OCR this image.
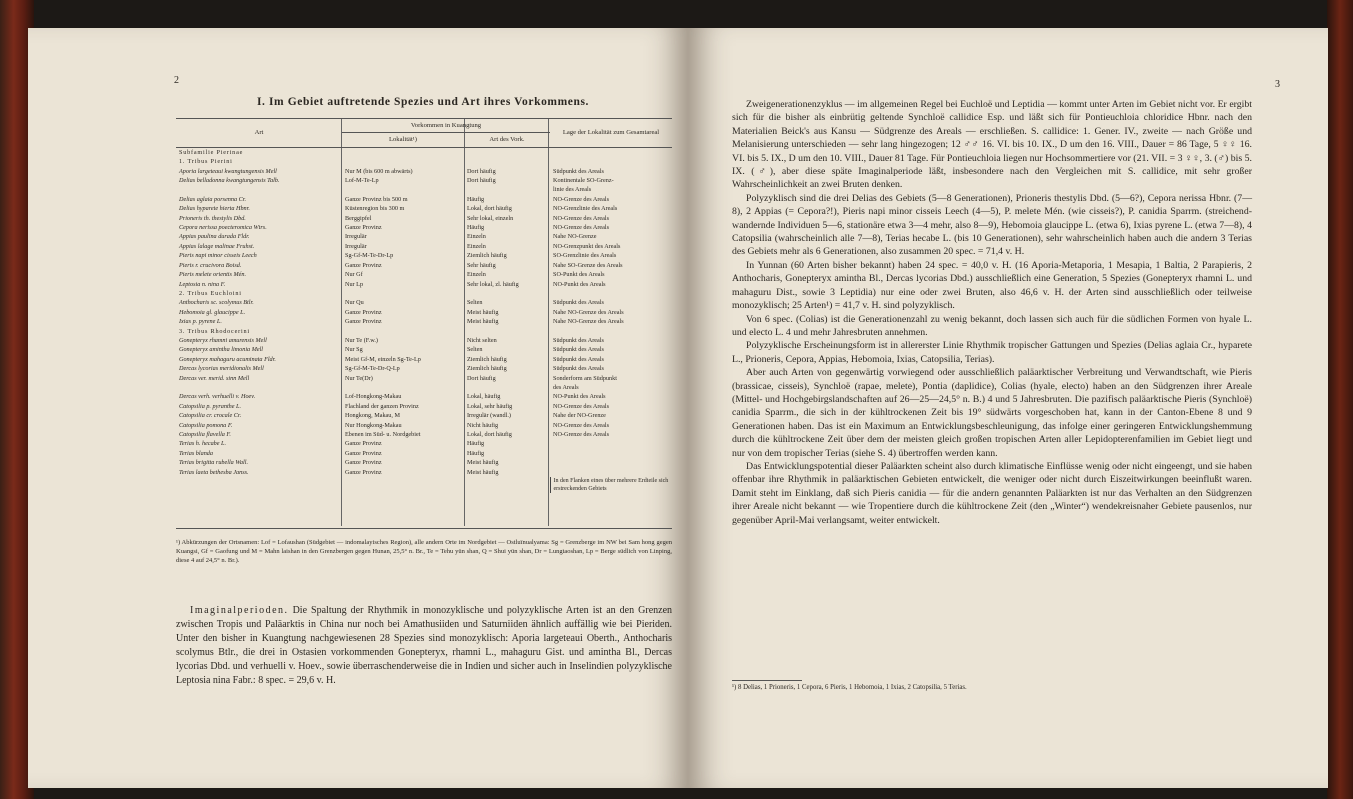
2
I. Im Gebiet auftretende Spezies und Art ihres Vorkommens.
Art	Vorkommen in Kuangtung		Lage der Lokalität zum Gesamtareal
	Lokalität¹)	Art des Vork.	
Subfamilie Pierinae			
1. Tribus Pierini			
Aporia largeteaui kwangtungensis Mell	Nur M (bis 600 m abwärts)	Dort häufig	Südpunkt des Areals
Delias belladonna kwangtungensis Talb.	Lof-M-Te-Lp	Dort häufig	Kontinentale SO-Grenz-
			linie des Areals
Delias aglaia porsenna Cr.	Ganze Provinz bis 500 m	Häufig	NO-Grenze des Areals
Delias hyparete hierta Hbnr.	Küstenregion bis 300 m	Lokal, dort häufig	NO-Grenzlinie des Areals
Prioneris th. thestylis Dbd.	Berggipfel	Sehr lokal, einzeln	NO-Grenze des Areals
Cepora nerissa poecteromica Wtrs.	Ganze Provinz	Häufig	NO-Grenze des Areals
Appias paulina durada Fldr.	Irregulär	Einzeln	Nahe NO-Grenze
Appias lalage malinae Fruhst.	Irregulär	Einzeln	NO-Grenzpunkt des Areals
Pieris napi minor cisseis Leech	Sg-Gf-M-Te-Dr-Lp	Ziemlich häufig	SO-Grenzlinie des Areals
Pieris r. crucivora Boisd.	Ganze Provinz	Sehr häufig	Nahe SO-Grenze des Areals
Pieris melete orientis Mén.	Nur Gf	Einzeln	SO-Punkt des Areals
Leptosia n. nina F.	Nur Lp	Sehr lokal, zl. häufig	NO-Punkt des Areals
2. Tribus Euchloini			
Anthocharis sc. scolymus Btlr.	Nur Qu	Selten	Südpunkt des Areals
Hebomoia gl. glaucippe L.	Ganze Provinz	Meist häufig	Nahe NO-Grenze des Areals
Ixias p. pyrene L.	Ganze Provinz	Meist häufig	Nahe NO-Grenze des Areals
3. Tribus Rhodocerini			
Gonepteryx rhamni amurensis Mell	Nur Te (F.w.)	Nicht selten	Südpunkt des Areals
Gonepteryx amintha limonia Mell	Nur Sg	Selten	Südpunkt des Areals
Gonepteryx mahaguru acuminata Fldr.	Meist Gf-M, einzeln Sg-Te-Lp	Ziemlich häufig	Südpunkt des Areals
Dercas lycorias meridionalis Mell	Sg-Gf-M-Te-Dr-Q-Lp	Ziemlich häufig	Südpunkt des Areals
Dercas ver. merid. sinn Mell	Nur Te(Dr)	Dort häufig	Sonderform am Südpunkt
			des Areals
Dercas verh. verhuelli v. Hoev.	Lof-Hongkong-Makau	Lokal, häufig	NO-Punkt des Areals
Catopsilia p. pyranthe L.	Flachland der ganzen Provinz	Lokal, sehr häufig	NO-Grenze des Areals
Catopsilia cr. crocale Cr.	Hongkong, Makau, M	Irregulär (wandl.)	Nahe der NO-Grenze
Catopsilia pomona F.	Nur Hongkong-Makau	Nicht häufig	NO-Grenze des Areals
Catopsilia flavella F.	Ebenen im Süd- u. Nordgebiet	Lokal, dort häufig	NO-Grenze des Areals
Terias h. hecabe L.	Ganze Provinz	Häufig	
Terias blanda	Ganze Provinz	Häufig	
Terias brigitta rubella Wall.	Ganze Provinz	Meist häufig	
Terias laeta bethesba Janss.	Ganze Provinz	Meist häufig	
			In den Flanken eines über mehrere Erdteile sich erstreckenden Gebiets
¹) Abkürzungen der Ortsnamen: Lof = Lofaushan (Südgebiet — indomalayisches Region), alle andern Orte im Nordgebiet — Ostluïnualyama: Sg = Grenzberge im NW bei Sam hong gegen Kuangsi, Gf = Gaofung und M = Mahn laishan in den Grenzbergen gegen Hunan, 25,5° n. Br., Te = Tehu yün shan, Q = Shui yün shan, Dr = Lungtaoshan, Lp = Berge südlich von Linping, diese 4 auf 24,5° n. Br.).

Imaginalperioden. Die Spaltung der Rhythmik in monozyklische und polyzyklische Arten ist an den Grenzen zwischen Tropis und Paläarktis in China nur noch bei Amathusiiden und Saturniiden ähnlich auffällig wie bei Pieriden. Unter den bisher in Kuangtung nachgewiesenen 28 Spezies sind monozyklisch: Aporia largeteaui Oberth., Anthocharis scolymus Btlr., die drei in Ostasien vorkommenden Gonepteryx, rhamni L., mahaguru Gist. und amintha Bl., Dercas lycorias Dbd. und verhuelli v. Hoev., sowie überraschenderweise die in Indien und sicher auch in Inselindien polyzyklische Leptosia nina Fabr.: 8 spec. = 29,6 v. H.

3

Zweigenerationenzyklus — im allgemeinen Regel bei Euchloë und Leptidia — kommt unter Arten im Gebiet nicht vor. Er ergibt sich für die bisher als einbrütig geltende Synchloë callidice Esp. und läßt sich für Pontieuchloia chloridice Hbnr. nach den Materialien Beick's aus Kansu — Südgrenze des Areals — erschließen. S. callidice: 1. Gener. IV., zweite — nach Größe und Melanisierung unterschieden — sehr lang hingezogen; 12 ♂♂ 16. VI. bis 10. IX., D um den 16. VIII., Dauer = 86 Tage, 5 ♀♀ 16. VI. bis 5. IX., D um den 10. VIII., Dauer 81 Tage. Für Pontieuchloia liegen nur Hochsommertiere vor (21. VII. = 3 ♀♀, 3. (♂) bis 5. IX. (♂), aber diese späte Imaginalperiode läßt, insbesondere nach den Vergleichen mit S. callidice, mit sehr großer Wahrscheinlichkeit an zwei Bruten denken.

Polyzyklisch sind die drei Delias des Gebiets (5—8 Generationen), Prioneris thestylis Dbd. (5—6?), Cepora nerissa Hbnr. (7—8), 2 Appias (= Cepora?!), Pieris napi minor cisseis Leech (4—5), P. melete Mén. (wie cisseis?), P. canidia Sparrm. (streichend-wandernde Individuen 5—6, stationäre etwa 3—4 mehr, also 8—9), Hebomoia glaucippe L. (etwa 6), Ixias pyrene L. (etwa 7—8), 4 Catopsilia (wahrscheinlich alle 7—8), Terias hecabe L. (bis 10 Generationen), sehr wahrscheinlich haben auch die andern 3 Terias des Gebiets mehr als 6 Generationen, also zusammen 20 spec. = 71,4 v. H.

In Yunnan (60 Arten bisher bekannt) haben 24 spec. = 40,0 v. H. (16 Aporia-Metaporia, 1 Mesapia, 1 Baltia, 2 Parapieris, 2 Anthocharis, Gonepteryx amintha Bl., Dercas lycorias Dbd.) ausschließlich eine Generation, 5 Spezies (Gonepteryx rhamni L. und mahaguru Dist., sowie 3 Leptidia) nur eine oder zwei Bruten, also 46,6 v. H. der Arten sind ausschließlich oder teilweise monozyklisch; 25 Arten¹) = 41,7 v. H. sind polyzyklisch.

Von 6 spec. (Colias) ist die Generationenzahl zu wenig bekannt, doch lassen sich auch für die südlichen Formen von hyale L. und electo L. 4 und mehr Jahresbruten annehmen.

Polyzyklische Erscheinungsform ist in allererster Linie Rhythmik tropischer Gattungen und Spezies (Delias aglaia Cr., hyparete L., Prioneris, Cepora, Appias, Hebomoia, Ixias, Catopsilia, Terias).

Aber auch Arten von gegenwärtig vorwiegend oder ausschließlich paläarktischer Verbreitung und Verwandtschaft, wie Pieris (brassicae, cisseis), Synchloë (rapae, melete), Pontia (daplidice), Colias (hyale, electo) haben an den Südgrenzen ihrer Areale (Mittel- und Hochgebirgslandschaften auf 26—25—24,5° n. B.) 4 und 5 Jahresbruten. Die pazifisch paläarktische Pieris (Synchloë) canidia Sparrm., die sich in der kühltrockenen Zeit bis 19° südwärts vorgeschoben hat, kann in der Canton-Ebene 8 und 9 Generationen haben. Das ist ein Maximum an Entwicklungsbeschleunigung, das infolge einer geringeren Entwicklungshemmung durch die kühltrockene Zeit über dem der meisten gleich großen tropischen Arten aller Lepidopterenfamilien im Gebiet liegt und nur von dem tropischer Terias (siehe S. 4) übertroffen werden kann.

Das Entwicklungspotential dieser Paläarkten scheint also durch klimatische Einflüsse wenig oder nicht eingeengt, und sie haben offenbar ihre Rhythmik in paläarktischen Gebieten entwickelt, die weniger oder nicht durch Eiszeitwirkungen beeinflußt waren. Damit steht im Einklang, daß sich Pieris canidia — für die andern genannten Paläarkten ist nur das Verhalten an den Südgrenzen ihrer Areale nicht bekannt — wie Tropentiere durch die kühltrockene Zeit (den „Winter“) wendekreisnaher Gebiete pausenlos, nur gegenüber April-Mai verlangsamt, weiter entwickelt.

¹) 8 Delias, 1 Prioneris, 1 Cepora, 6 Pieris, 1 Hebomoia, 1 Ixias, 2 Catopsilia, 5 Terias.
